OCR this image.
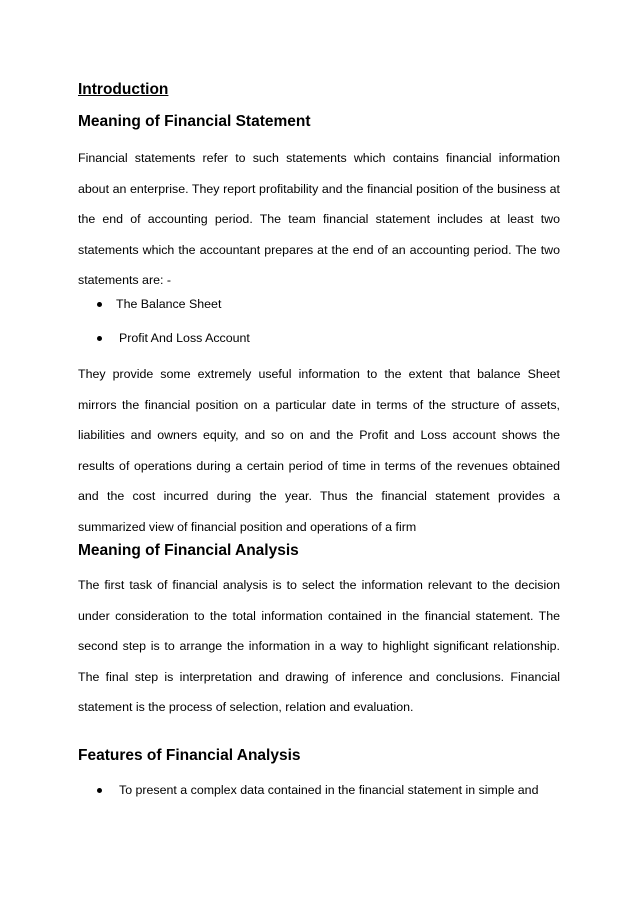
Introduction
Meaning of Financial Statement

Financial statements refer to such statements which contains financial information about an enterprise. They report profitability and the financial position of the business at the end of accounting period. The team financial statement includes at least two statements which the accountant prepares at the end of an accounting period. The two statements are: -

The Balance Sheet
Profit And Loss Account

They provide some extremely useful information to the extent that balance Sheet mirrors the financial position on a particular date in terms of the structure of assets, liabilities and owners equity, and so on and the Profit and Loss account shows the results of operations during a certain period of time in terms of the revenues obtained and the cost incurred during the year. Thus the financial statement provides a summarized view of financial position and operations of a firm

Meaning of Financial Analysis

The first task of financial analysis is to select the information relevant to the decision under consideration to the total information contained in the financial statement. The second step is to arrange the information in a way to highlight significant relationship. The final step is interpretation and drawing of inference and conclusions. Financial statement is the process of selection, relation and evaluation.

Features of Financial Analysis
To present a complex data contained in the financial statement in simple and
